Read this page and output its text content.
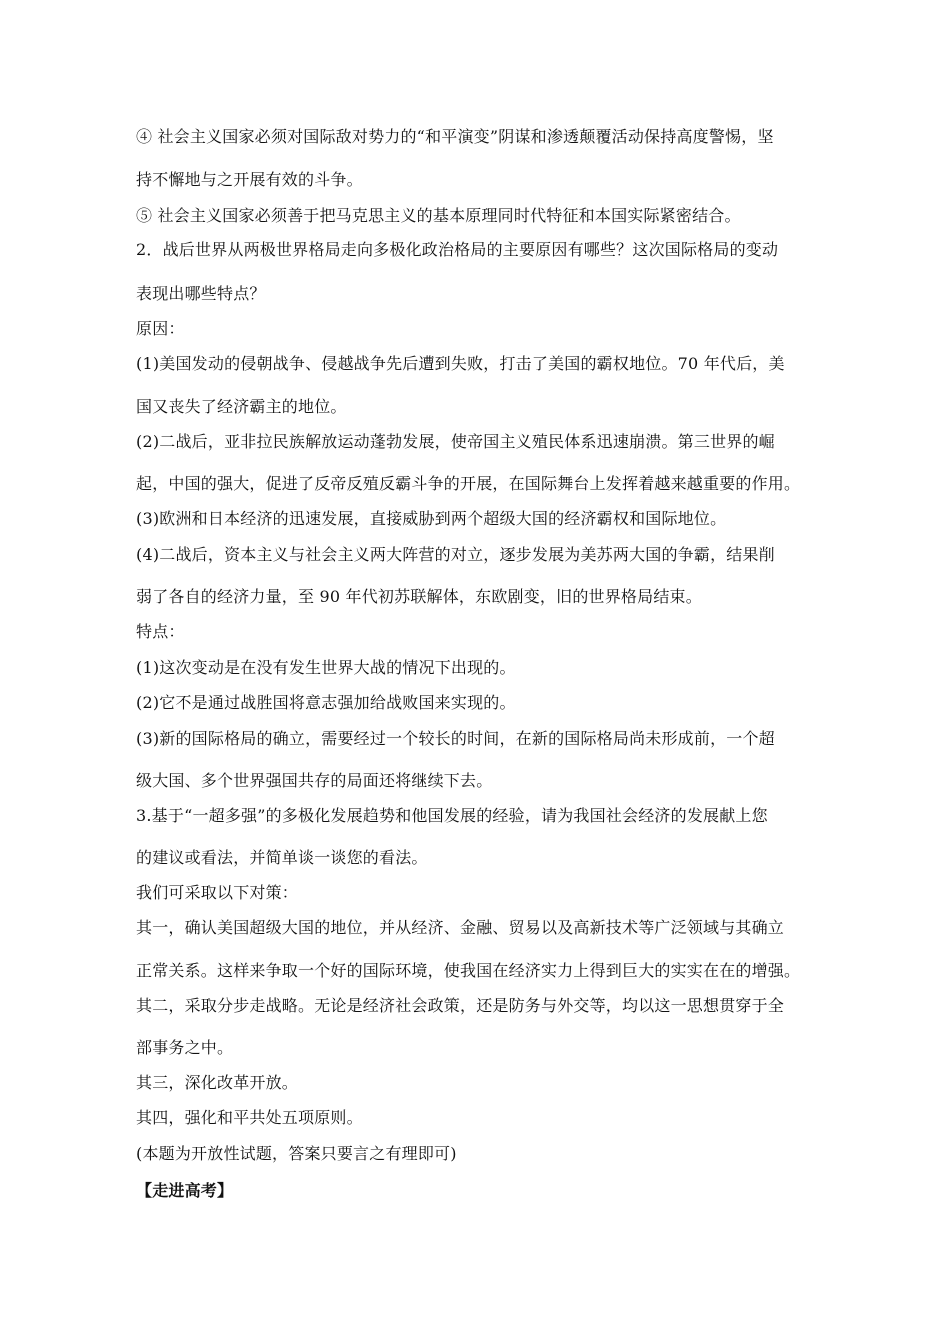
④ 社会主义国家必须对国际敌对势力的“和平演变”阴谋和渗透颠覆活动保持高度警惕，坚
持不懈地与之开展有效的斗争。
⑤ 社会主义国家必须善于把马克思主义的基本原理同时代特征和本国实际紧密结合。
2．战后世界从两极世界格局走向多极化政治格局的主要原因有哪些？这次国际格局的变动
表现出哪些特点？
原因：
(1)美国发动的侵朝战争、侵越战争先后遭到失败，打击了美国的霸权地位。70 年代后，美
国又丧失了经济霸主的地位。
(2)二战后，亚非拉民族解放运动蓬勃发展，使帝国主义殖民体系迅速崩溃。第三世界的崛
起，中国的强大，促进了反帝反殖反霸斗争的开展，在国际舞台上发挥着越来越重要的作用。
(3)欧洲和日本经济的迅速发展，直接威胁到两个超级大国的经济霸权和国际地位。
(4)二战后，资本主义与社会主义两大阵营的对立，逐步发展为美苏两大国的争霸，结果削
弱了各自的经济力量，至 90 年代初苏联解体，东欧剧变，旧的世界格局结束。
特点：
(1)这次变动是在没有发生世界大战的情况下出现的。
(2)它不是通过战胜国将意志强加给战败国来实现的。
(3)新的国际格局的确立，需要经过一个较长的时间，在新的国际格局尚未形成前，一个超
级大国、多个世界强国共存的局面还将继续下去。
3.基于“一超多强”的多极化发展趋势和他国发展的经验，请为我国社会经济的发展献上您
的建议或看法，并简单谈一谈您的看法。
我们可采取以下对策：
其一，确认美国超级大国的地位，并从经济、金融、贸易以及高新技术等广泛领域与其确立
正常关系。这样来争取一个好的国际环境，使我国在经济实力上得到巨大的实实在在的增强。
其二，采取分步走战略。无论是经济社会政策，还是防务与外交等，均以这一思想贯穿于全
部事务之中。
其三，深化改革开放。
其四，强化和平共处五项原则。
(本题为开放性试题，答案只要言之有理即可)
【走进高考】
